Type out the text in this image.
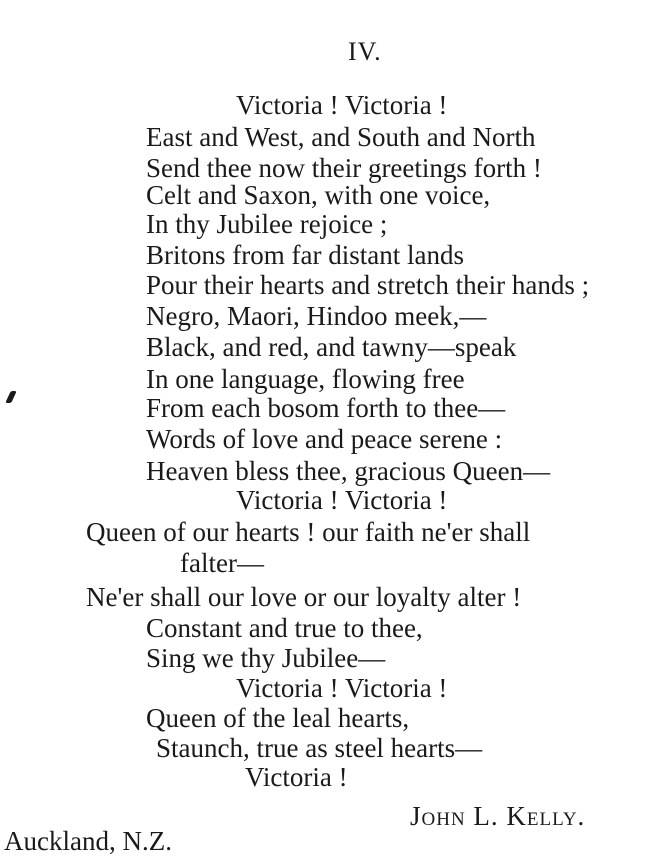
IV.
Victoria ! Victoria !
East and West, and South and North
Send thee now their greetings forth !
Celt and Saxon, with one voice,
In thy Jubilee rejoice ;
Britons from far distant lands
Pour their hearts and stretch their hands ;
Negro, Maori, Hindoo meek,—
Black, and red, and tawny—speak
In one language, flowing free
From each bosom forth to thee—
Words of love and peace serene :
Heaven bless thee, gracious Queen—
Victoria ! Victoria !
Queen of our hearts ! our faith ne'er shall
falter—
Ne'er shall our love or our loyalty alter !
Constant and true to thee,
Sing we thy Jubilee—
Victoria ! Victoria !
Queen of the leal hearts,
Staunch, true as steel hearts—
Victoria !
John L. Kelly.
Auckland, N.Z.
